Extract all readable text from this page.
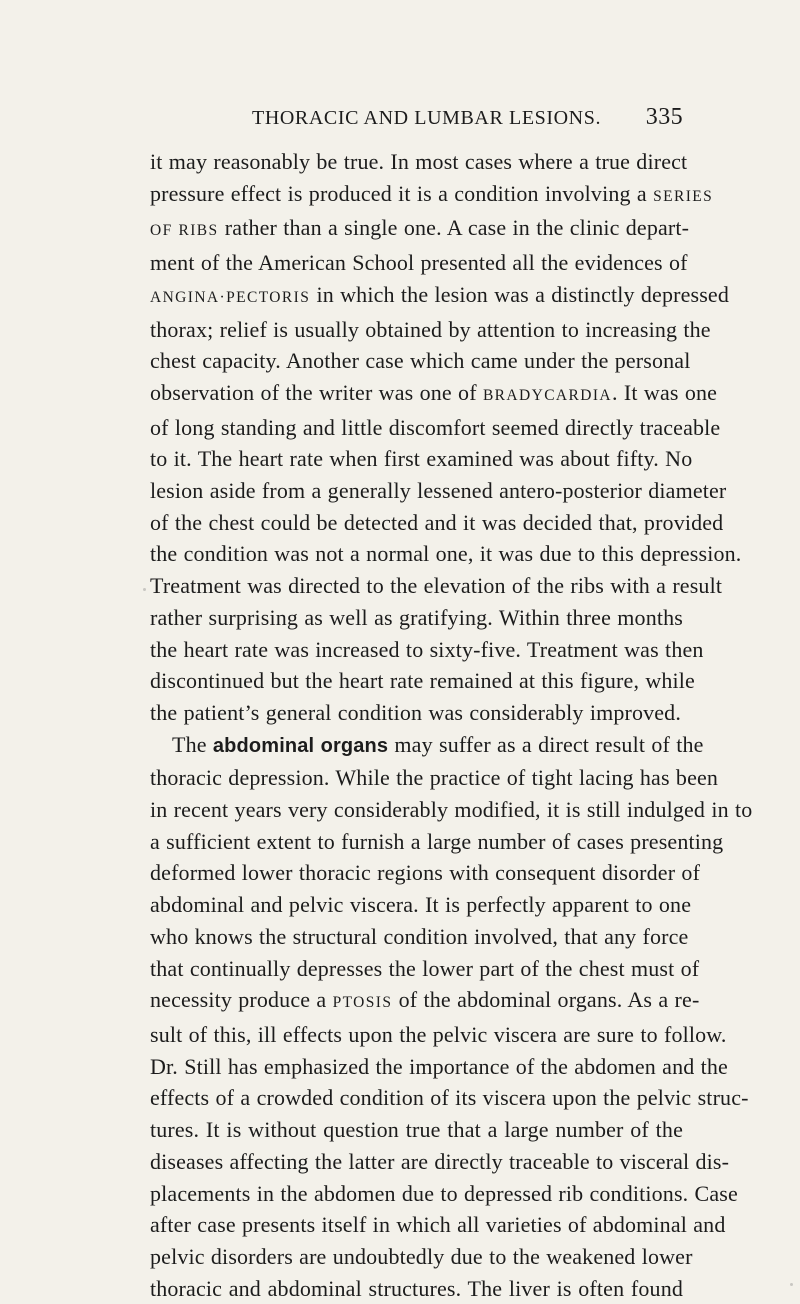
THORACIC AND LUMBAR LESIONS. 335
it may reasonably be true. In most cases where a true direct
pressure effect is produced it is a condition involving a SERIES
OF RIBS rather than a single one. A case in the clinic depart-
ment of the American School presented all the evidences of
ANGINA·PECTORIS in which the lesion was a distinctly depressed
thorax; relief is usually obtained by attention to increasing the
chest capacity. Another case which came under the personal
observation of the writer was one of BRADYCARDIA. It was one
of long standing and little discomfort seemed directly traceable
to it. The heart rate when first examined was about fifty. No
lesion aside from a generally lessened antero-posterior diameter
of the chest could be detected and it was decided that, provided
the condition was not a normal one, it was due to this depression.
Treatment was directed to the elevation of the ribs with a result
rather surprising as well as gratifying. Within three months
the heart rate was increased to sixty-five. Treatment was then
discontinued but the heart rate remained at this figure, while
the patient’s general condition was considerably improved.
The abdominal organs may suffer as a direct result of the
thoracic depression. While the practice of tight lacing has been
in recent years very considerably modified, it is still indulged in to
a sufficient extent to furnish a large number of cases presenting
deformed lower thoracic regions with consequent disorder of
abdominal and pelvic viscera. It is perfectly apparent to one
who knows the structural condition involved, that any force
that continually depresses the lower part of the chest must of
necessity produce a PTOSIS of the abdominal organs. As a re-
sult of this, ill effects upon the pelvic viscera are sure to follow.
Dr. Still has emphasized the importance of the abdomen and the
effects of a crowded condition of its viscera upon the pelvic struc-
tures. It is without question true that a large number of the
diseases affecting the latter are directly traceable to visceral dis-
placements in the abdomen due to depressed rib conditions. Case
after case presents itself in which all varieties of abdominal and
pelvic disorders are undoubtedly due to the weakened lower
thoracic and abdominal structures. The liver is often found
